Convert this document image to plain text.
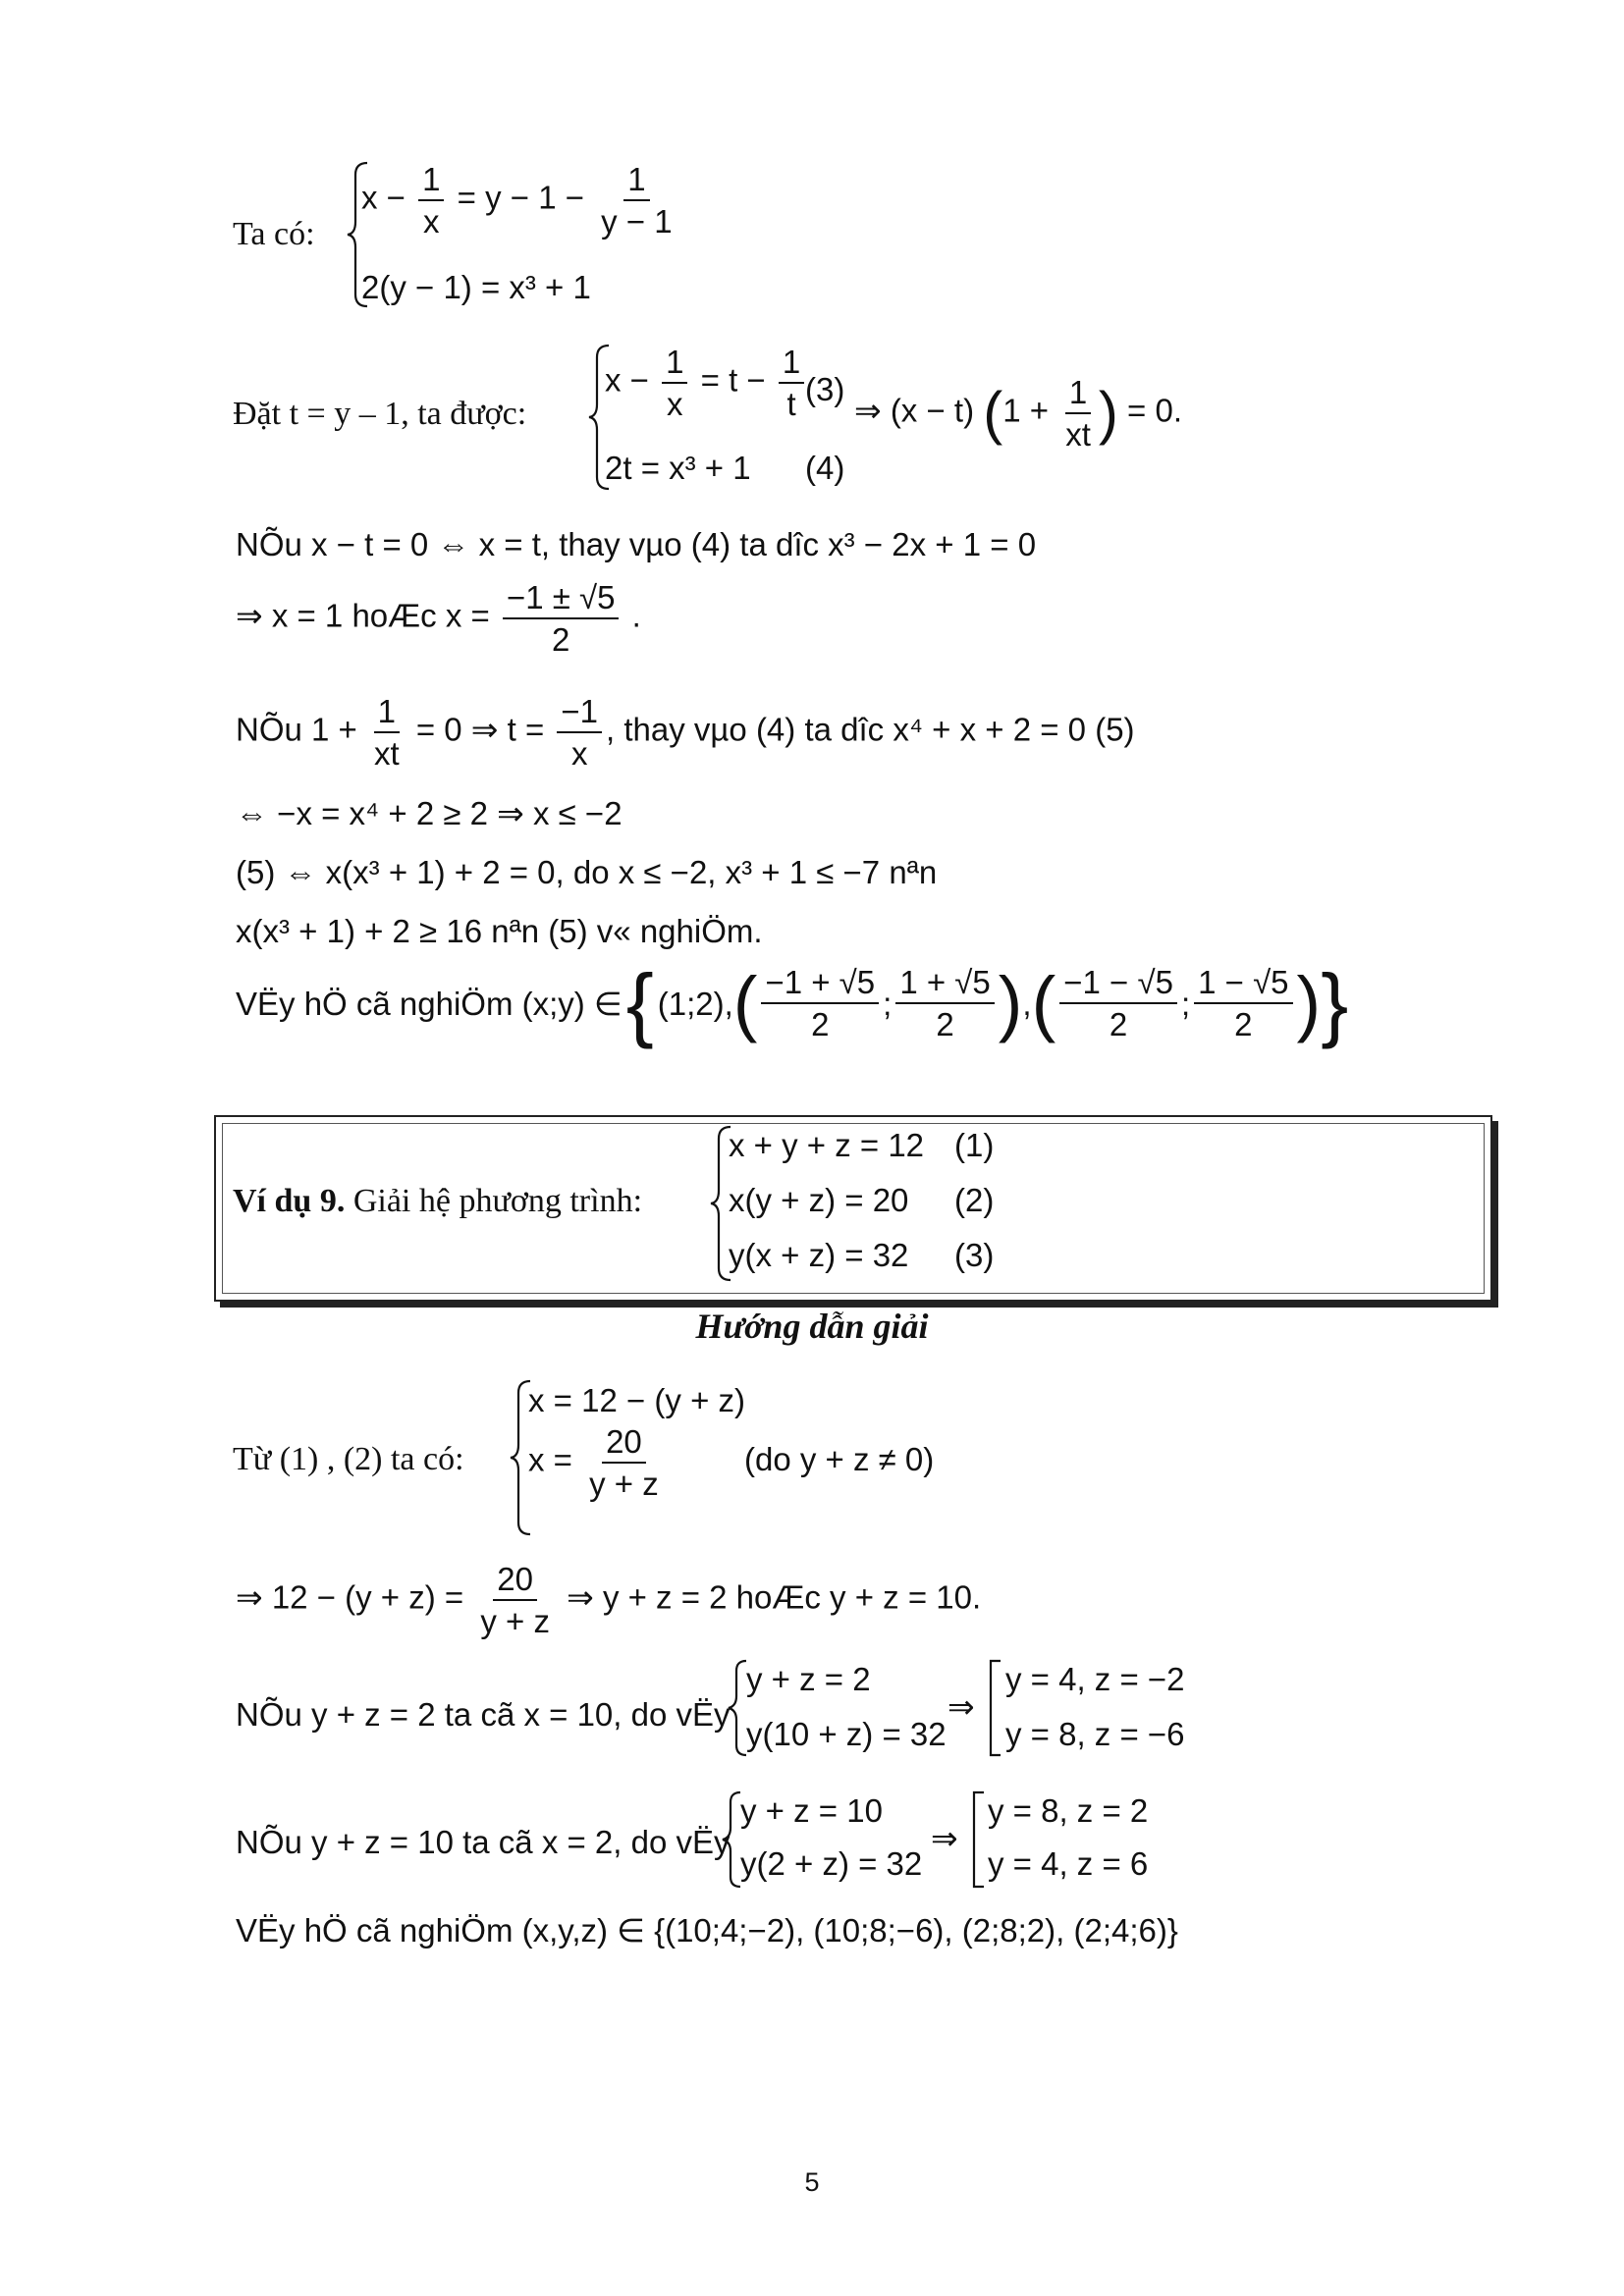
Ta có:
$x - \frac{1}{x} = y - 1 - \frac{1}{y - 1}$
2(y − 1) = x³ + 1
Đặt t = y – 1, ta được:
$x - \frac{1}{x} = t - \frac{1}{t} (3)$
2t = x³ + 1 (4)
⇒ (x − t) ($1 + \frac{1}{xt}$ ) = 0.
NÕu x − t = 0 ⇔ x = t, thay vµo (4) ta dîc x³ − 2x + 1 = 0
⇒ x = 1 hoÆc $x = \frac{-1 \pm √5}{2}$ .
NÕu $1 + \frac{1}{xt} = 0$ ⇒ $t = \frac{-1}{x}$ , thay vµo (4) ta dîc x⁴ + x + 2 = 0 (5)
⇔ −x = x⁴ + 2 ≥ 2 ⇒ x ≤ −2
(5) ⇔ x(x³ + 1) + 2 = 0, do x ≤ −2, x³ + 1 ≤ −7 nªn
x(x³ + 1) + 2 ≥ 16 nªn (5) v« nghiÖm.
VËy hÖ cã nghiÖm (x;y) ∈ { (1;2), ( $\frac{-1 + √5}{2}$ ; $\frac{1 + √5}{2}$ ) , ( $\frac{-1 - √5}{2}$ ; $\frac{1 - √5}{2}$ ) }
Ví dụ 9. Giải hệ phương trình:
x + y + z = 12 (1)
x(y + z) = 20 (2)
y(x + z) = 32 (3)
Hướng dẫn giải
Từ (1) , (2) ta có:
x = 12 − (y + z)
$x = \frac{20}{y + z}$	(do y + z ≠ 0)
⇒ $12 - (y + z) = \frac{20}{y + z}$ ⇒ y + z = 2 hoÆc y + z = 10.
NÕu y + z = 2 ta cã x = 10, do vËy
y + z = 2
y(10 + z) = 32
⇒
y = 4, z = −2
y = 8, z = −6
NÕu y + z = 10 ta cã x = 2, do vËy
y + z = 10
y(2 + z) = 32
⇒
y = 8, z = 2
y = 4, z = 6
VËy hÖ cã nghiÖm (x,y,z) ∈ {(10;4;−2), (10;8;−6), (2;8;2), (2;4;6)}
5
